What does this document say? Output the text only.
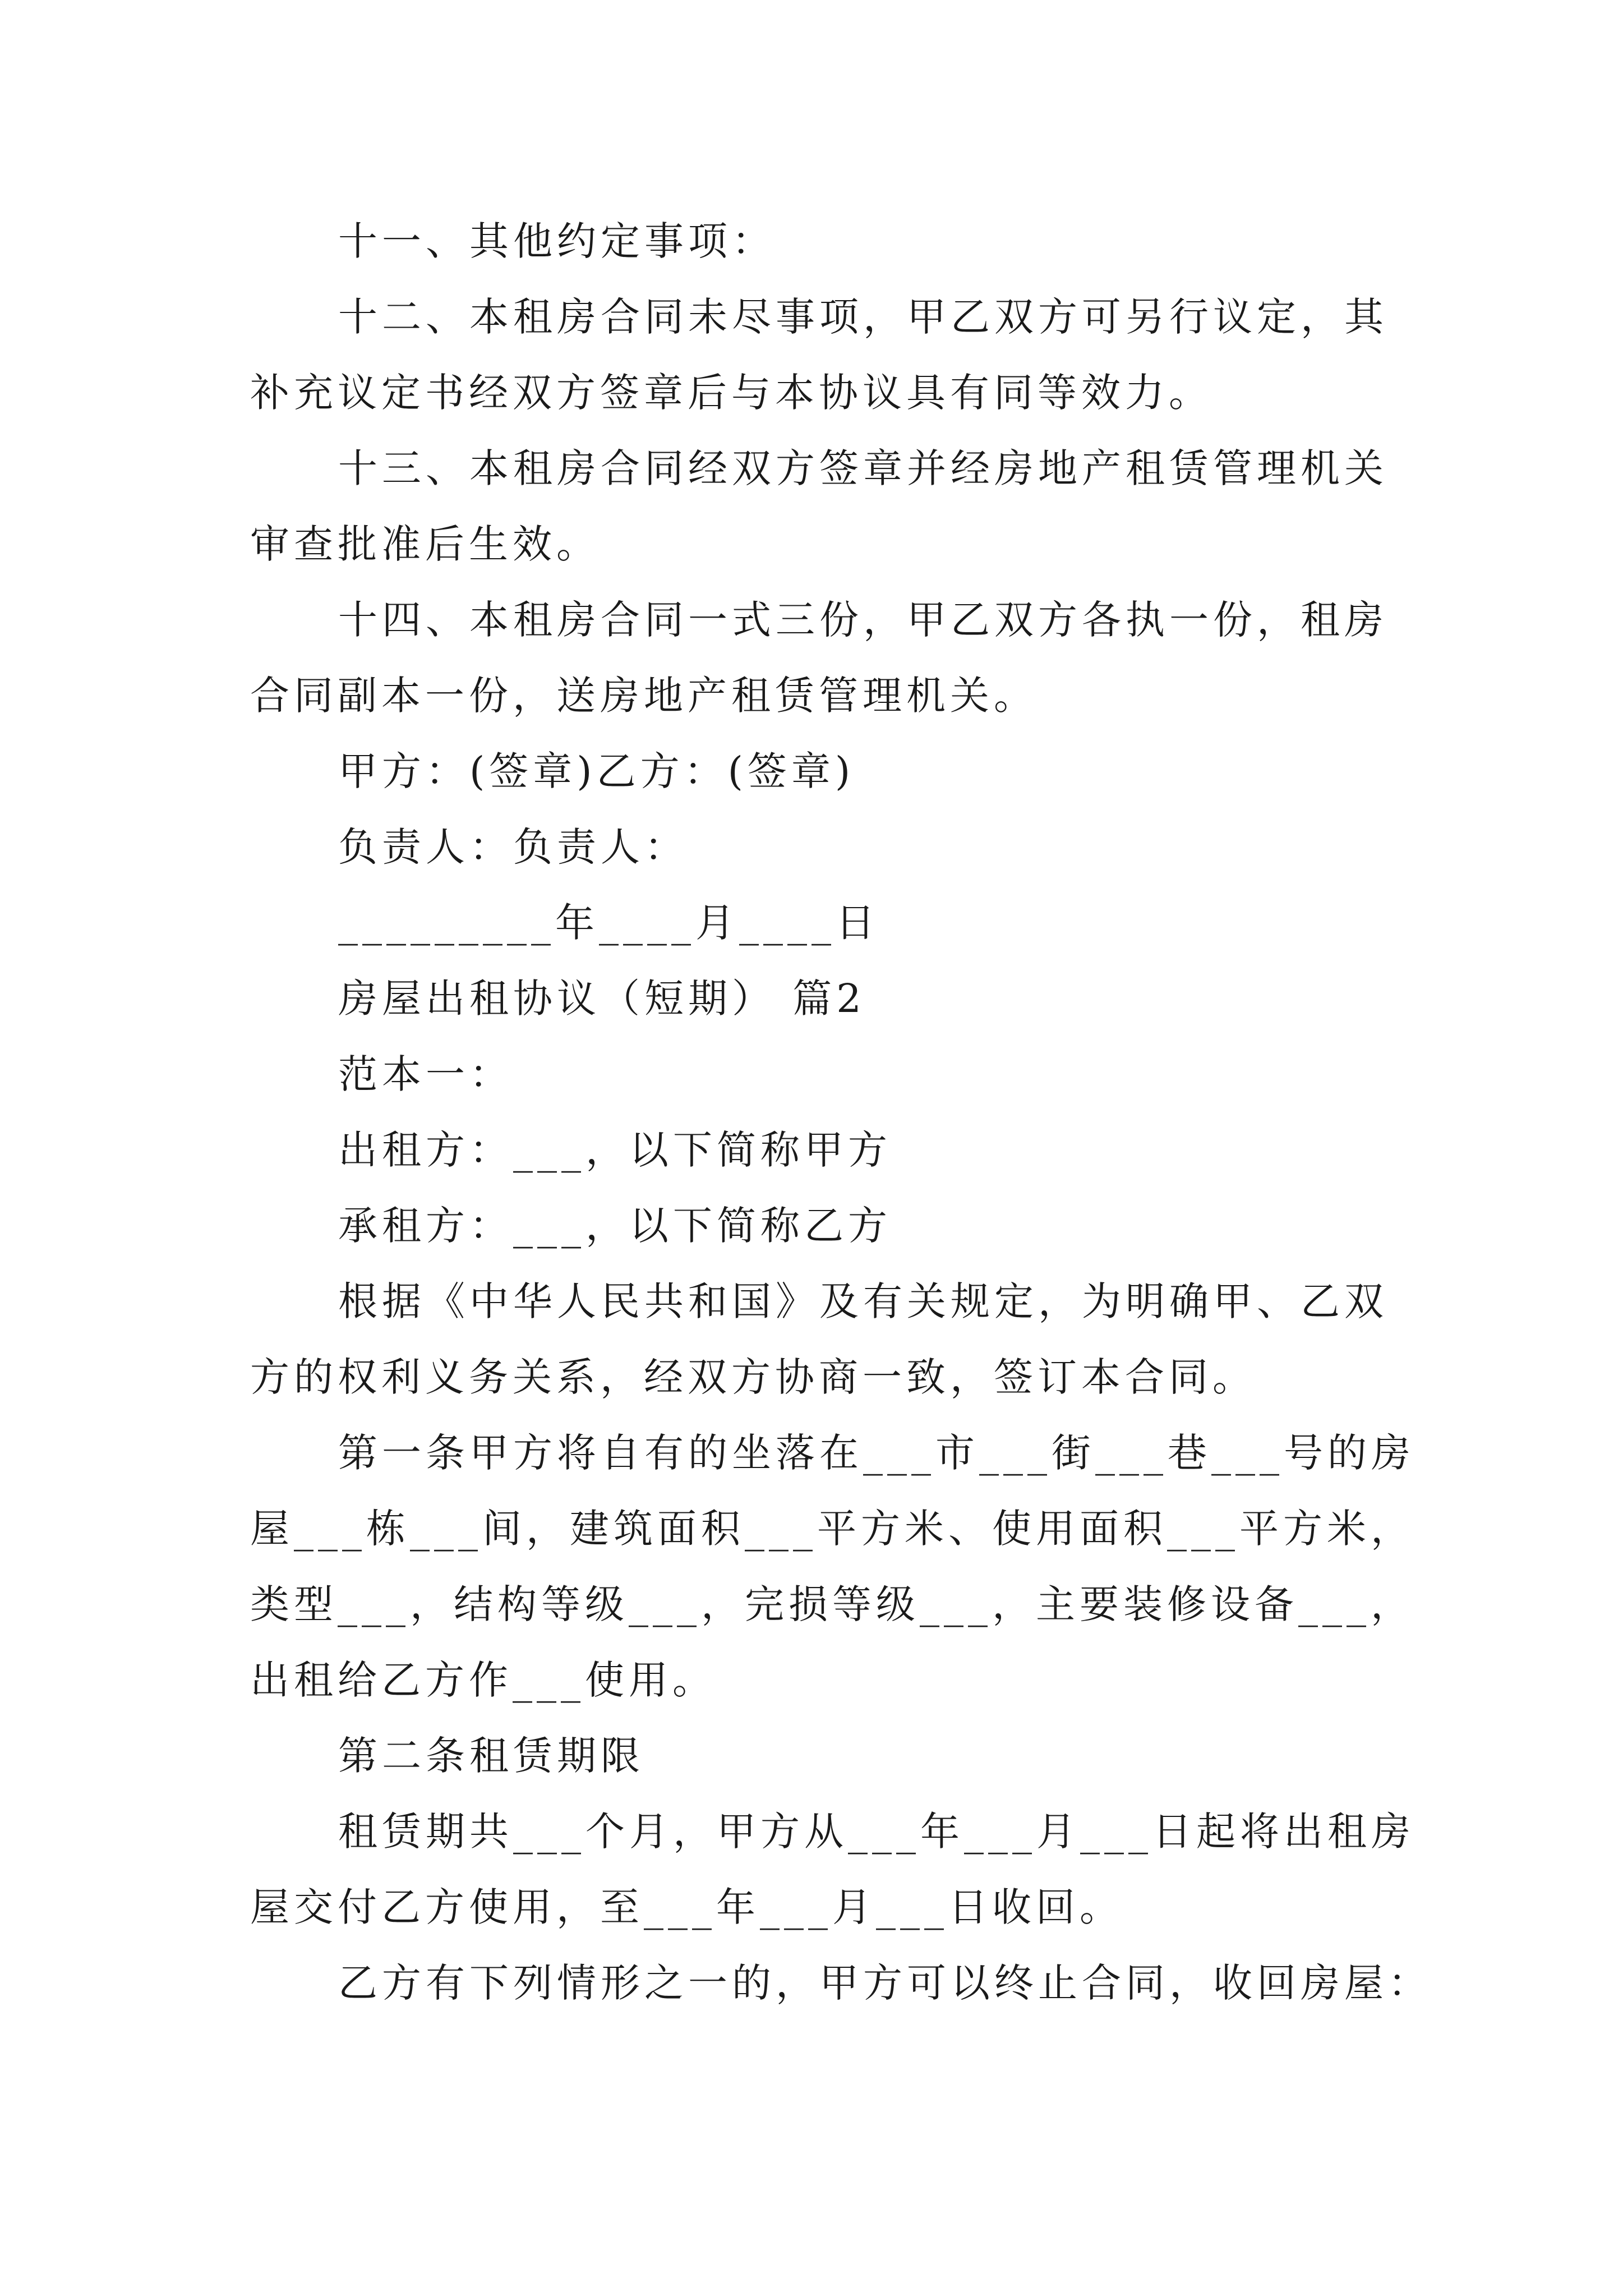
十一、其他约定事项：
十二、本租房合同未尽事项，甲乙双方可另行议定，其
补充议定书经双方签章后与本协议具有同等效力。
十三、本租房合同经双方签章并经房地产租赁管理机关
审查批准后生效。
十四、本租房合同一式三份，甲乙双方各执一份，租房
合同副本一份，送房地产租赁管理机关。
甲方：(签章)乙方：(签章)
负责人：负责人：
_________年____月____日
房屋出租协议（短期） 篇2
范本一：
出租方：___，以下简称甲方
承租方：___，以下简称乙方
根据《中华人民共和国》及有关规定，为明确甲、乙双
方的权利义务关系，经双方协商一致，签订本合同。
第一条甲方将自有的坐落在___市___街___巷___号的房
屋___栋___间，建筑面积___平方米、使用面积___平方米，
类型___，结构等级___，完损等级___，主要装修设备___，
出租给乙方作___使用。
第二条租赁期限
租赁期共___个月，甲方从___年___月___日起将出租房
屋交付乙方使用，至___年___月___日收回。
乙方有下列情形之一的，甲方可以终止合同，收回房屋：
